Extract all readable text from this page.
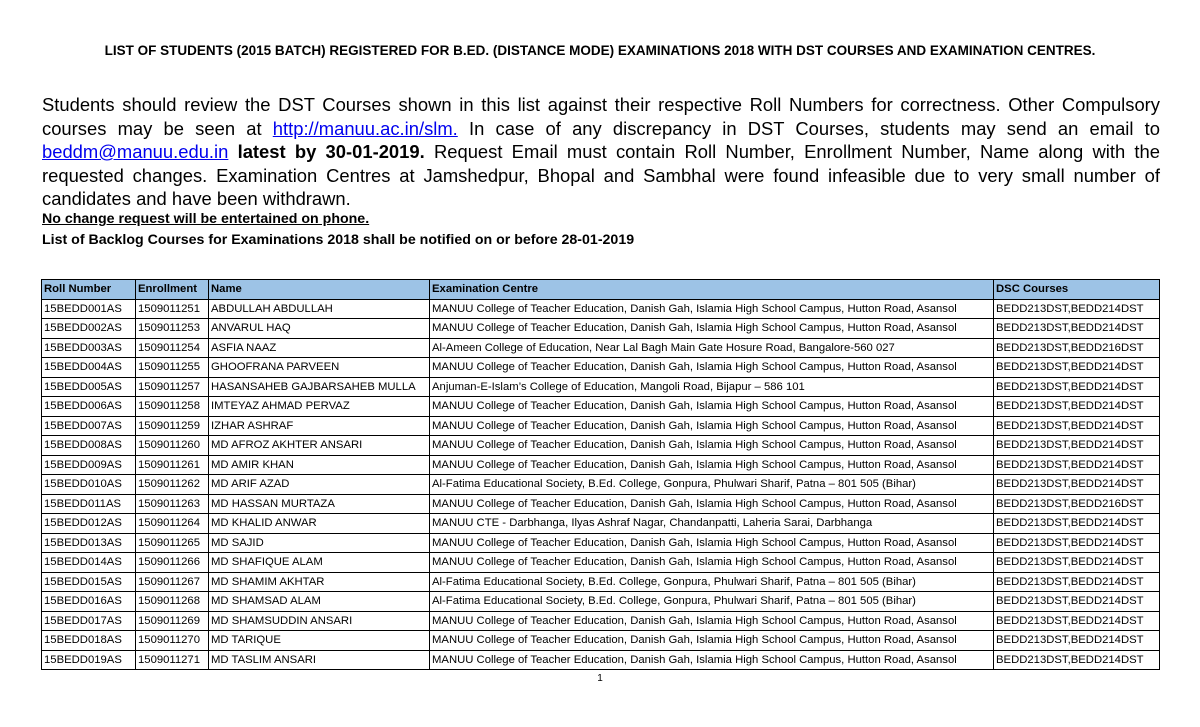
LIST OF STUDENTS (2015 BATCH) REGISTERED FOR B.ED. (DISTANCE MODE) EXAMINATIONS 2018 WITH DST COURSES AND EXAMINATION CENTRES.
Students should review the DST Courses shown in this list against their respective Roll Numbers for correctness. Other Compulsory courses may be seen at http://manuu.ac.in/slm. In case of any discrepancy in DST Courses, students may send an email to beddm@manuu.edu.in latest by 30-01-2019. Request Email must contain Roll Number, Enrollment Number, Name along with the requested changes. Examination Centres at Jamshedpur, Bhopal and Sambhal were found infeasible due to very small number of candidates and have been withdrawn.
No change request will be entertained on phone.
List of Backlog Courses for Examinations 2018 shall be notified on or before 28-01-2019
Roll Number	Enrollment	Name	Examination Centre	DSC Courses
15BEDD001AS	1509011251	ABDULLAH ABDULLAH	MANUU College of Teacher Education, Danish Gah, Islamia High School Campus, Hutton Road, Asansol	BEDD213DST,BEDD214DST
15BEDD002AS	1509011253	ANVARUL HAQ	MANUU College of Teacher Education, Danish Gah, Islamia High School Campus, Hutton Road, Asansol	BEDD213DST,BEDD214DST
15BEDD003AS	1509011254	ASFIA NAAZ	Al-Ameen College of Education, Near Lal Bagh Main Gate Hosure Road, Bangalore-560 027	BEDD213DST,BEDD216DST
15BEDD004AS	1509011255	GHOOFRANA PARVEEN	MANUU College of Teacher Education, Danish Gah, Islamia High School Campus, Hutton Road, Asansol	BEDD213DST,BEDD214DST
15BEDD005AS	1509011257	HASANSAHEB GAJBARSAHEB MULLA	Anjuman-E-Islam’s College of Education, Mangoli Road, Bijapur – 586 101	BEDD213DST,BEDD214DST
15BEDD006AS	1509011258	IMTEYAZ AHMAD PERVAZ	MANUU College of Teacher Education, Danish Gah, Islamia High School Campus, Hutton Road, Asansol	BEDD213DST,BEDD214DST
15BEDD007AS	1509011259	IZHAR ASHRAF	MANUU College of Teacher Education, Danish Gah, Islamia High School Campus, Hutton Road, Asansol	BEDD213DST,BEDD214DST
15BEDD008AS	1509011260	MD AFROZ AKHTER ANSARI	MANUU College of Teacher Education, Danish Gah, Islamia High School Campus, Hutton Road, Asansol	BEDD213DST,BEDD214DST
15BEDD009AS	1509011261	MD AMIR KHAN	MANUU College of Teacher Education, Danish Gah, Islamia High School Campus, Hutton Road, Asansol	BEDD213DST,BEDD214DST
15BEDD010AS	1509011262	MD ARIF AZAD	Al-Fatima Educational Society, B.Ed. College, Gonpura, Phulwari Sharif, Patna – 801 505 (Bihar)	BEDD213DST,BEDD214DST
15BEDD011AS	1509011263	MD HASSAN MURTAZA	MANUU College of Teacher Education, Danish Gah, Islamia High School Campus, Hutton Road, Asansol	BEDD213DST,BEDD216DST
15BEDD012AS	1509011264	MD KHALID ANWAR	MANUU CTE - Darbhanga, Ilyas Ashraf Nagar, Chandanpatti, Laheria Sarai, Darbhanga	BEDD213DST,BEDD214DST
15BEDD013AS	1509011265	MD SAJID	MANUU College of Teacher Education, Danish Gah, Islamia High School Campus, Hutton Road, Asansol	BEDD213DST,BEDD214DST
15BEDD014AS	1509011266	MD SHAFIQUE ALAM	MANUU College of Teacher Education, Danish Gah, Islamia High School Campus, Hutton Road, Asansol	BEDD213DST,BEDD214DST
15BEDD015AS	1509011267	MD SHAMIM AKHTAR	Al-Fatima Educational Society, B.Ed. College, Gonpura, Phulwari Sharif, Patna – 801 505 (Bihar)	BEDD213DST,BEDD214DST
15BEDD016AS	1509011268	MD SHAMSAD ALAM	Al-Fatima Educational Society, B.Ed. College, Gonpura, Phulwari Sharif, Patna – 801 505 (Bihar)	BEDD213DST,BEDD214DST
15BEDD017AS	1509011269	MD SHAMSUDDIN ANSARI	MANUU College of Teacher Education, Danish Gah, Islamia High School Campus, Hutton Road, Asansol	BEDD213DST,BEDD214DST
15BEDD018AS	1509011270	MD TARIQUE	MANUU College of Teacher Education, Danish Gah, Islamia High School Campus, Hutton Road, Asansol	BEDD213DST,BEDD214DST
15BEDD019AS	1509011271	MD TASLIM ANSARI	MANUU College of Teacher Education, Danish Gah, Islamia High School Campus, Hutton Road, Asansol	BEDD213DST,BEDD214DST
1
